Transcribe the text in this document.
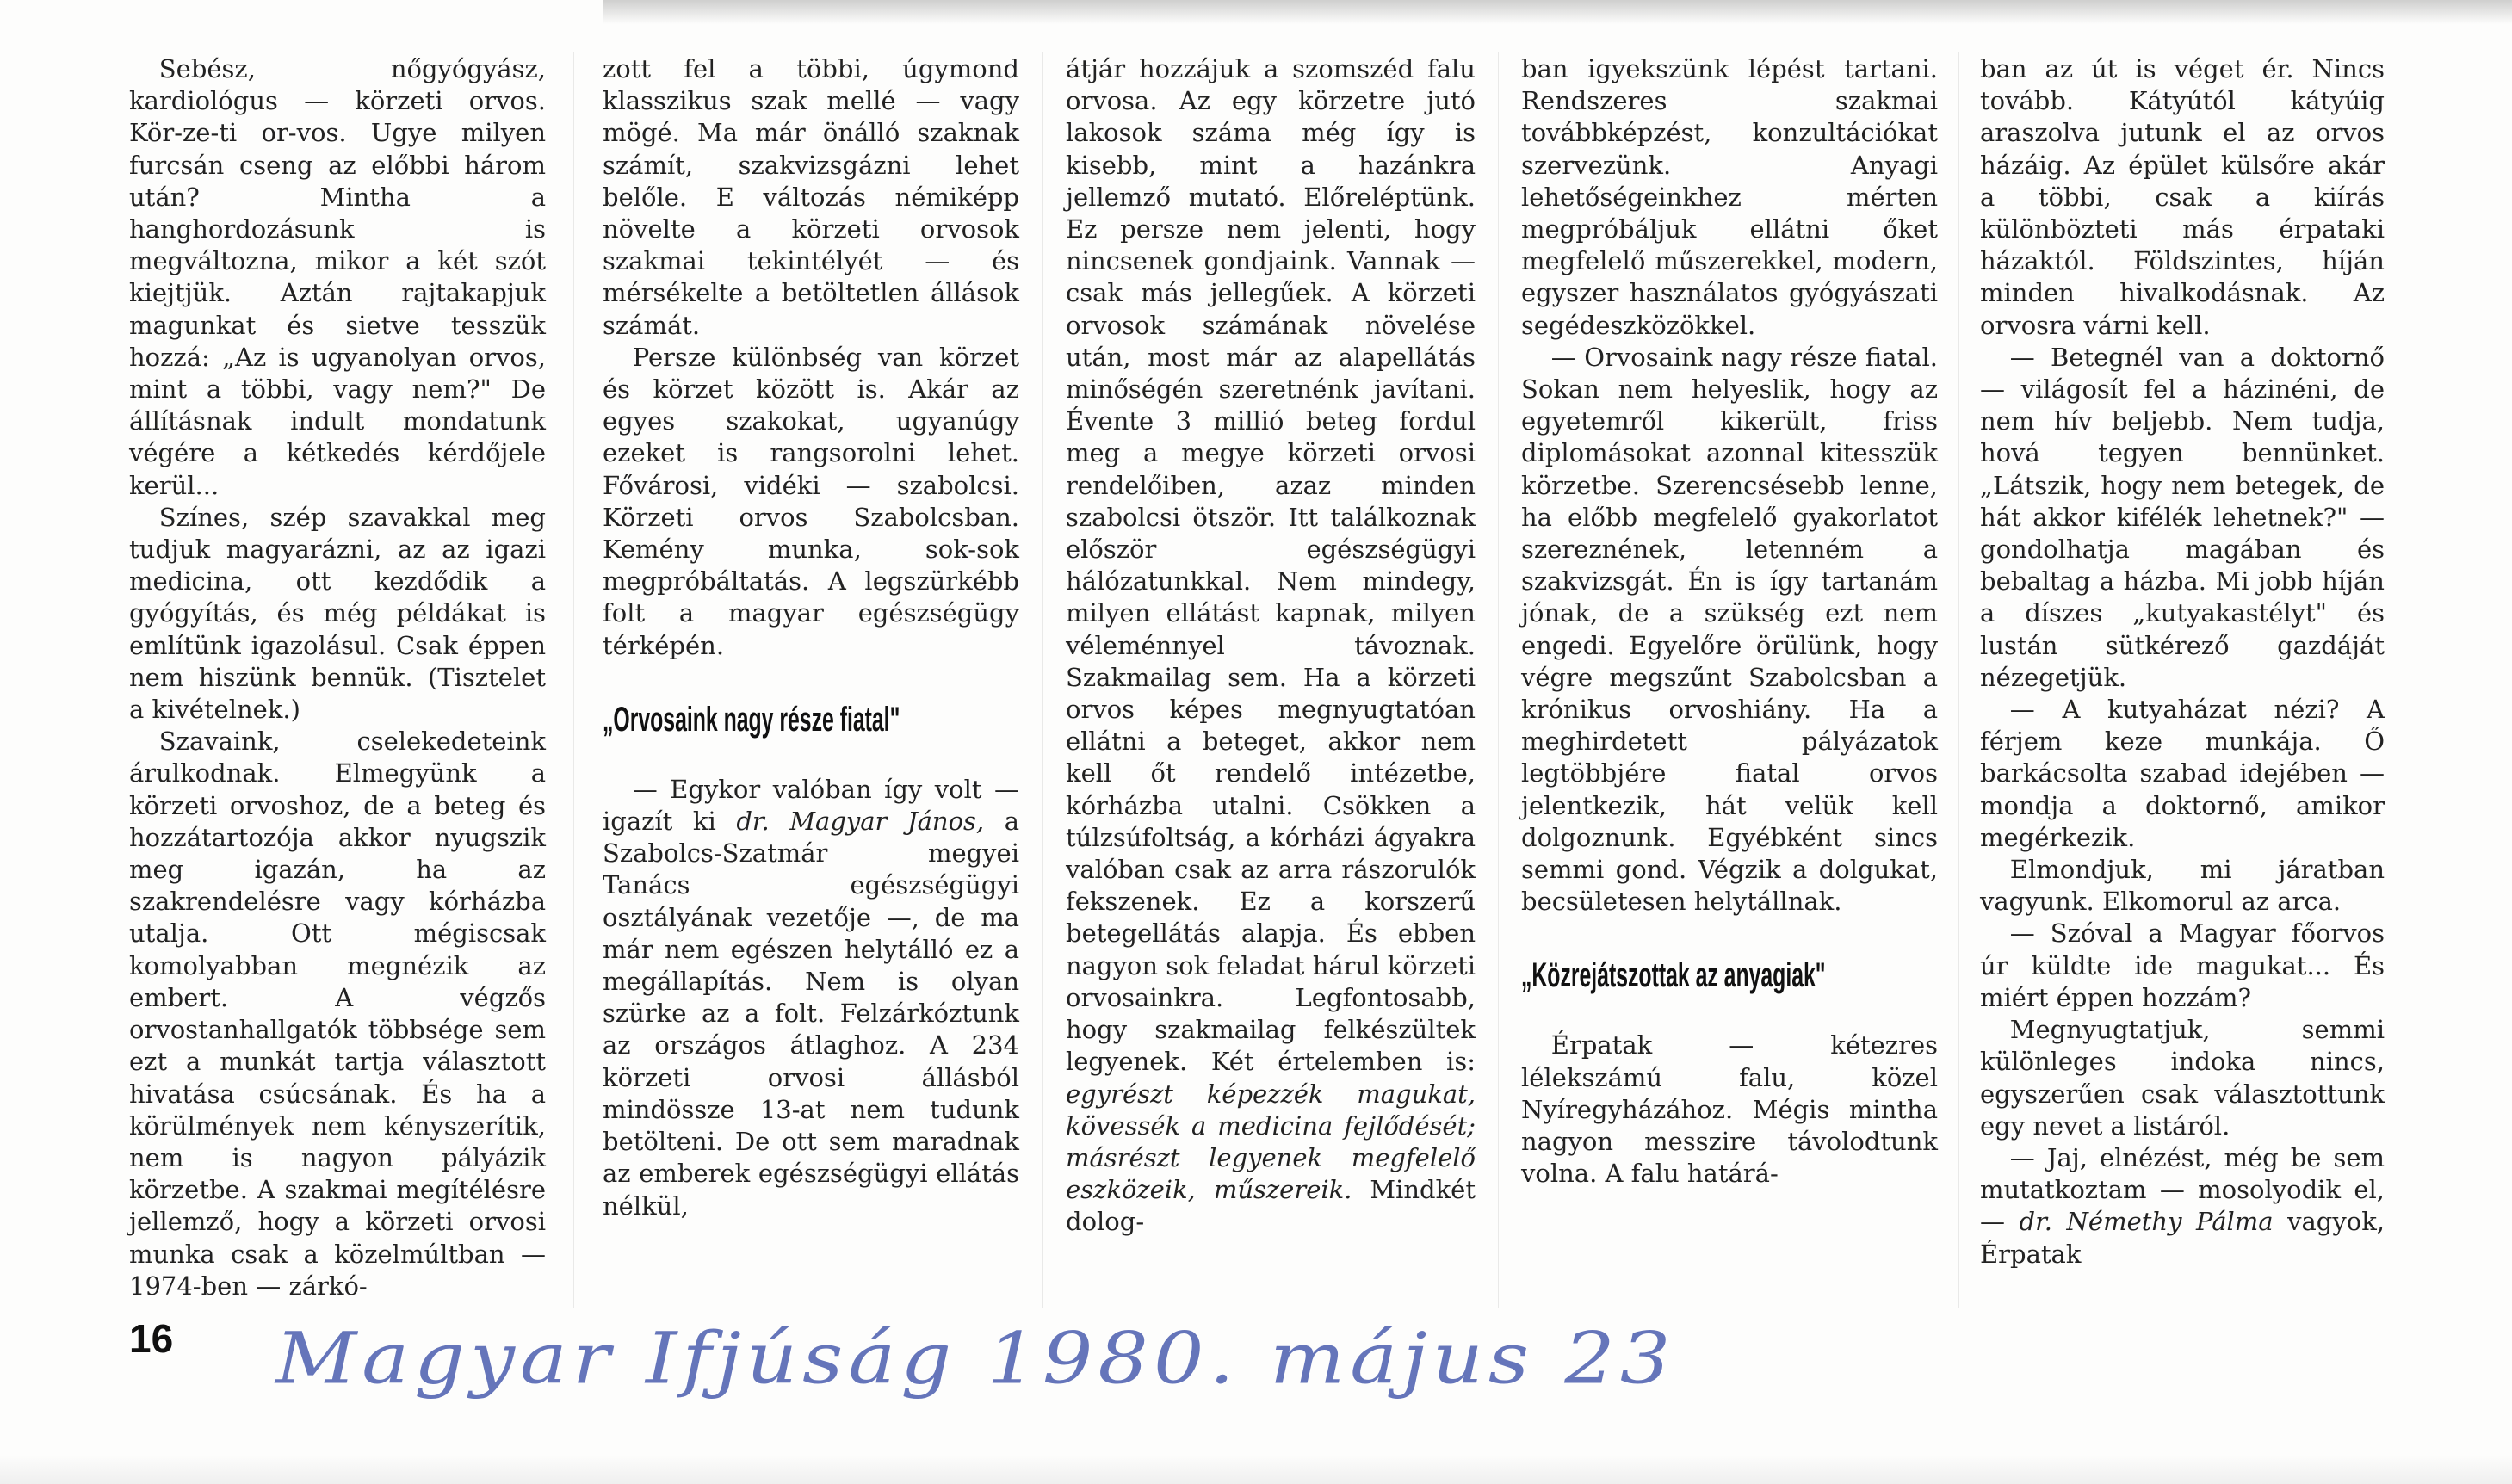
Sebész, nőgyógyász, kardiológus — körzeti orvos. Kör-ze-ti or-vos. Ugye milyen furcsán cseng az előbbi három után? Mintha a hanghordozásunk is megváltozna, mikor a két szót kiejtjük. Aztán rajtakapjuk magunkat és sietve tesszük hozzá: „Az is ugyanolyan orvos, mint a többi, vagy nem?" De állításnak indult mondatunk végére a kétkedés kérdőjele kerül...

Színes, szép szavakkal meg tudjuk magyarázni, az az igazi medicina, ott kezdődik a gyógyítás, és még példákat is említünk igazolásul. Csak éppen nem hiszünk bennük. (Tisztelet a kivételnek.)

Szavaink, cselekedeteink árulkodnak. Elmegyünk a körzeti orvoshoz, de a beteg és hozzátartozója akkor nyugszik meg igazán, ha az szakrendelésre vagy kórházba utalja. Ott mégiscsak komolyabban megnézik az embert. A végzős orvostanhallgatók többsége sem ezt a munkát tartja választott hivatása csúcsának. És ha a körülmények nem kényszerítik, nem is nagyon pályázik körzetbe. A szakmai megítélésre jellemző, hogy a körzeti orvosi munka csak a közelmúltban — 1974-ben — zárkó-

zott fel a többi, úgymond klasszikus szak mellé — vagy mögé. Ma már önálló szaknak számít, szakvizsgázni lehet belőle. E változás némiképp növelte a körzeti orvosok szakmai tekintélyét — és mérsékelte a betöltetlen állások számát.

Persze különbség van körzet és körzet között is. Akár az egyes szakokat, ugyanúgy ezeket is rangsorolni lehet. Fővárosi, vidéki — szabolcsi. Körzeti orvos Szabolcsban. Kemény munka, sok-sok megpróbáltatás. A legszürkébb folt a magyar egészségügy térképén.

„Orvosaink nagy része fiatal"

— Egykor valóban így volt — igazít ki dr. Magyar János, a Szabolcs-Szatmár megyei Tanács egészségügyi osztályának vezetője —, de ma már nem egészen helytálló ez a megállapítás. Nem is olyan szürke az a folt. Felzárkóztunk az országos átlaghoz. A 234 körzeti orvosi állásból mindössze 13-at nem tudunk betölteni. De ott sem maradnak az emberek egészségügyi ellátás nélkül,

átjár hozzájuk a szomszéd falu orvosa. Az egy körzetre jutó lakosok száma még így is kisebb, mint a hazánkra jellemző mutató. Előreléptünk. Ez persze nem jelenti, hogy nincsenek gondjaink. Vannak — csak más jellegűek. A körzeti orvosok számának növelése után, most már az alapellátás minőségén szeretnénk javítani. Évente 3 millió beteg fordul meg a megye körzeti orvosi rendelőiben, azaz minden szabolcsi ötször. Itt találkoznak először egészségügyi hálózatunkkal. Nem mindegy, milyen ellátást kapnak, milyen véleménnyel távoznak. Szakmailag sem. Ha a körzeti orvos képes megnyugtatóan ellátni a beteget, akkor nem kell őt rendelő intézetbe, kórházba utalni. Csökken a túlzsúfoltság, a kórházi ágyakra valóban csak az arra rászorulók fekszenek. Ez a korszerű betegellátás alapja. És ebben nagyon sok feladat hárul körzeti orvosainkra. Legfontosabb, hogy szakmailag felkészültek legyenek. Két értelemben is: egyrészt képezzék magukat, kövessék a medicina fejlődését; másrészt legyenek megfelelő eszközeik, műszereik. Mindkét dolog-

ban igyekszünk lépést tartani. Rendszeres szakmai továbbképzést, konzultációkat szervezünk. Anyagi lehetőségeinkhez mérten megpróbáljuk ellátni őket megfelelő műszerekkel, modern, egyszer használatos gyógyászati segédeszközökkel.

— Orvosaink nagy része fiatal. Sokan nem helyeslik, hogy az egyetemről kikerült, friss diplomásokat azonnal kitesszük körzetbe. Szerencsésebb lenne, ha előbb megfelelő gyakorlatot szereznének, letenném a szakvizsgát. Én is így tartanám jónak, de a szükség ezt nem engedi. Egyelőre örülünk, hogy végre megszűnt Szabolcsban a krónikus orvoshiány. Ha a meghirdetett pályázatok legtöbbjére fiatal orvos jelentkezik, hát velük kell dolgoznunk. Egyébként sincs semmi gond. Végzik a dolgukat, becsületesen helytállnak.

„Közrejátszottak az anyagiak"

Érpatak — kétezres lélekszámú falu, közel Nyíregyházához. Mégis mintha nagyon messzire távolodtunk volna. A falu határá-

ban az út is véget ér. Nincs tovább. Kátyútól kátyúig araszolva jutunk el az orvos házáig. Az épület külsőre akár a többi, csak a kiírás különbözteti más érpataki házaktól. Földszintes, híján minden hivalkodásnak. Az orvosra várni kell.

— Betegnél van a doktornő — világosít fel a házinéni, de nem hív beljebb. Nem tudja, hová tegyen bennünket. „Látszik, hogy nem betegek, de hát akkor kifélék lehetnek?" — gondolhatja magában és bebaltag a házba. Mi jobb híján a díszes „kutyakastélyt" és lustán sütkérező gazdáját nézegetjük.

— A kutyaházat nézi? A férjem keze munkája. Ő barkácsolta szabad idejében — mondja a doktornő, amikor megérkezik.

Elmondjuk, mi járatban vagyunk. Elkomorul az arca.

— Szóval a Magyar főorvos úr küldte ide magukat... És miért éppen hozzám?

Megnyugtatjuk, semmi különleges indoka nincs, egyszerűen csak választottunk egy nevet a listáról.

— Jaj, elnézést, még be sem mutatkoztam — mosolyodik el, — dr. Némethy Pálma vagyok, Érpatak

16 Magyar Ifjúság 1980. május 23
